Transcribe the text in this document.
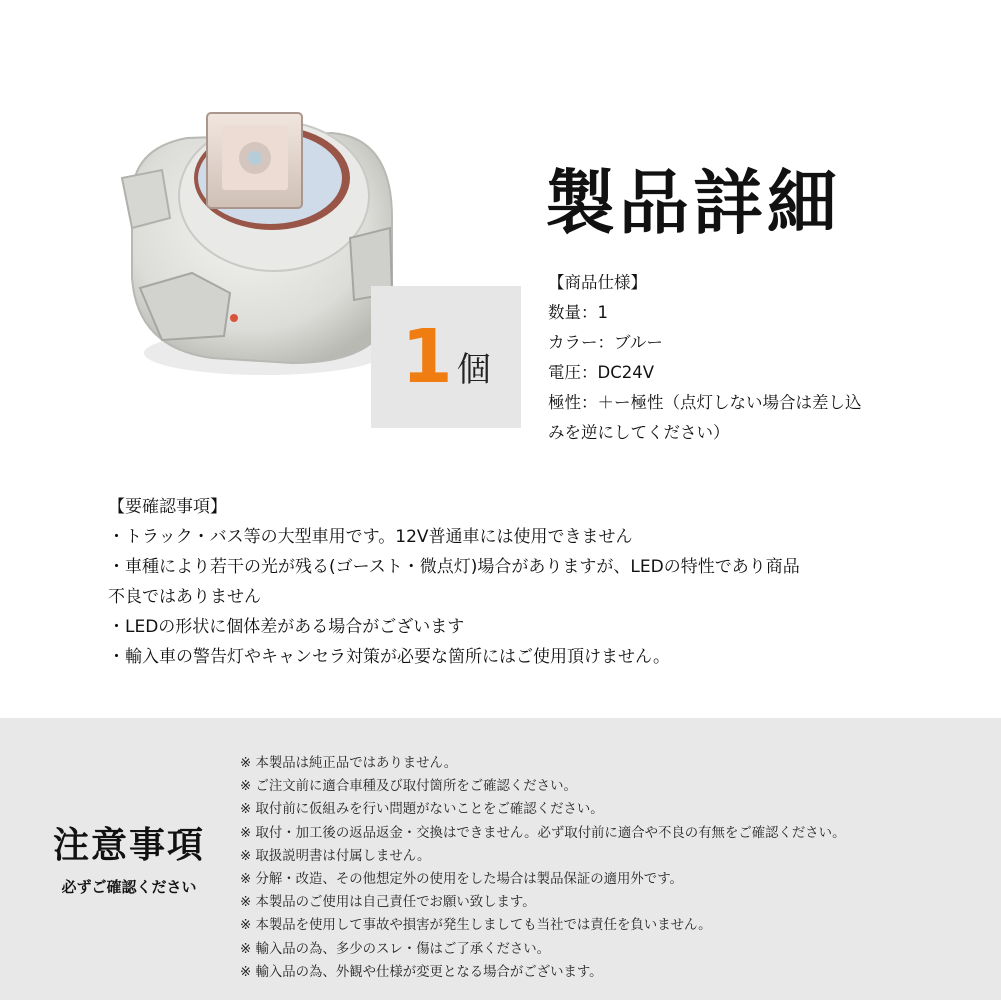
1 個
製品詳細
【商品仕様】
数量：1
カラー：ブルー
電圧：DC24V
極性：＋ー極性（点灯しない場合は差し込
みを逆にしてください）
【要確認事項】
・トラック・バス等の大型車用です。12V普通車には使用できません
・車種により若干の光が残る(ゴースト・微点灯)場合がありますが、LEDの特性であり商品
不良ではありません
・LEDの形状に個体差がある場合がございます
・輸入車の警告灯やキャンセラ対策が必要な箇所にはご使用頂けません。
注意事項
必ずご確認ください
※ 本製品は純正品ではありません。
※ ご注文前に適合車種及び取付箇所をご確認ください。
※ 取付前に仮組みを行い問題がないことをご確認ください。
※ 取付・加工後の返品返金・交換はできません。必ず取付前に適合や不良の有無をご確認ください。
※ 取扱説明書は付属しません。
※ 分解・改造、その他想定外の使用をした場合は製品保証の適用外です。
※ 本製品のご使用は自己責任でお願い致します。
※ 本製品を使用して事故や損害が発生しましても当社では責任を負いません。
※ 輸入品の為、多少のスレ・傷はご了承ください。
※ 輸入品の為、外観や仕様が変更となる場合がございます。
